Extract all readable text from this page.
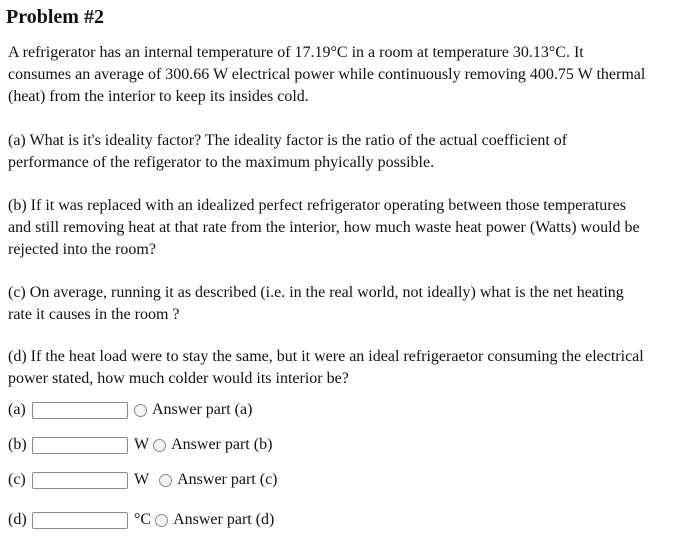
Problem #2
A refrigerator has an internal temperature of 17.19°C in a room at temperature 30.13°C. It
consumes an average of 300.66 W electrical power while continuously removing 400.75 W thermal
(heat) from the interior to keep its insides cold.
(a) What is it's ideality factor? The ideality factor is the ratio of the actual coefficient of
performance of the refigerator to the maximum phyically possible.
(b) If it was replaced with an idealized perfect refrigerator operating between those temperatures
and still removing heat at that rate from the interior, how much waste heat power (Watts) would be
rejected into the room?
(c) On average, running it as described (i.e. in the real world, not ideally) what is the net heating
rate it causes in the room ?
(d) If the heat load were to stay the same, but it were an ideal refrigeraetor consuming the electrical
power stated, how much colder would its interior be?
(a)	Answer part (a)
(b)	W Answer part (b)
(c)	W Answer part (c)
(d)	°C Answer part (d)
